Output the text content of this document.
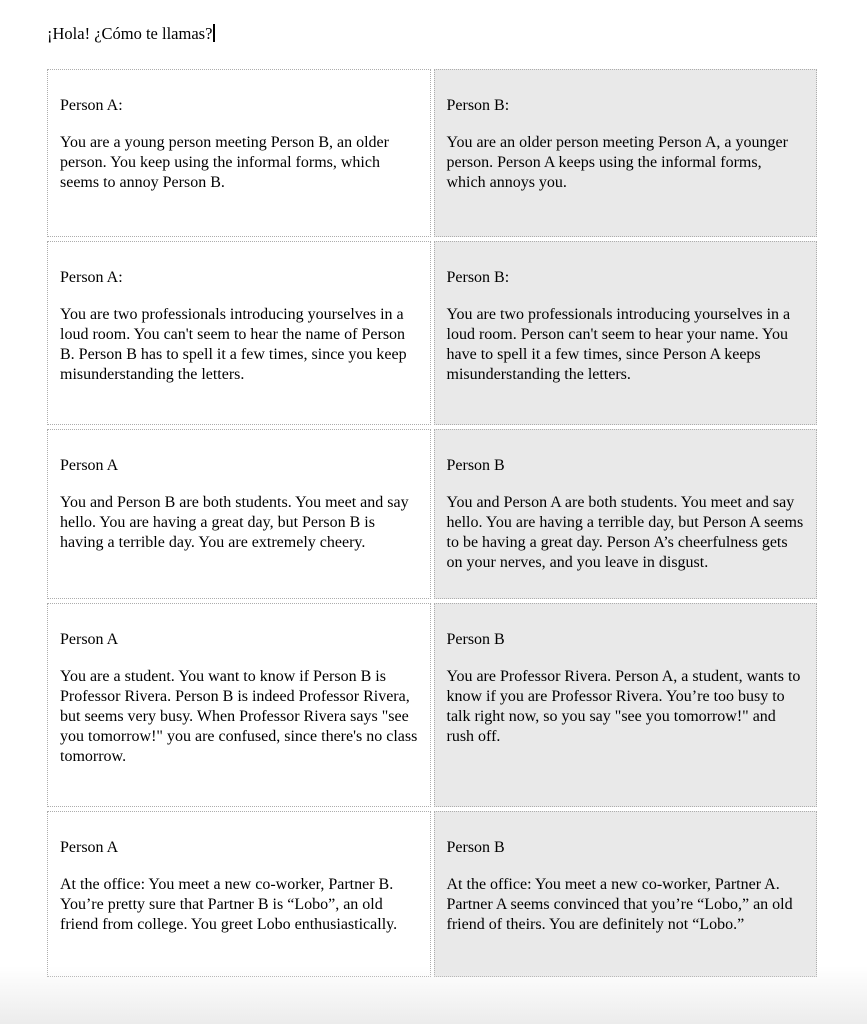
¡Hola! ¿Cómo te llamas?

Person A:

You are a young person meeting Person B, an older person. You keep using the informal forms, which seems to annoy Person B.

Person B:

You are an older person meeting Person A, a younger person. Person A keeps using the informal forms, which annoys you.

Person A:

You are two professionals introducing yourselves in a loud room. You can't seem to hear the name of Person B. Person B has to spell it a few times, since you keep misunderstanding the letters.

Person B:

You are two professionals introducing yourselves in a loud room. Person can't seem to hear your name. You have to spell it a few times, since Person A keeps misunderstanding the letters.

Person A

You and Person B are both students. You meet and say hello. You are having a great day, but Person B is having a terrible day. You are extremely cheery.

Person B

You and Person A are both students. You meet and say hello. You are having a terrible day, but Person A seems to be having a great day. Person A’s cheerfulness gets on your nerves, and you leave in disgust.

Person A

You are a student. You want to know if Person B is Professor Rivera. Person B is indeed Professor Rivera, but seems very busy. When Professor Rivera says "see you tomorrow!" you are confused, since there's no class tomorrow.

Person B

You are Professor Rivera. Person A, a student, wants to know if you are Professor Rivera. You’re too busy to talk right now, so you say "see you tomorrow!" and rush off.

Person A

At the office: You meet a new co-worker, Partner B. You’re pretty sure that Partner B is “Lobo”, an old friend from college. You greet Lobo enthusiastically.

Person B

At the office: You meet a new co-worker, Partner A. Partner A seems convinced that you’re “Lobo,” an old friend of theirs. You are definitely not “Lobo.”
